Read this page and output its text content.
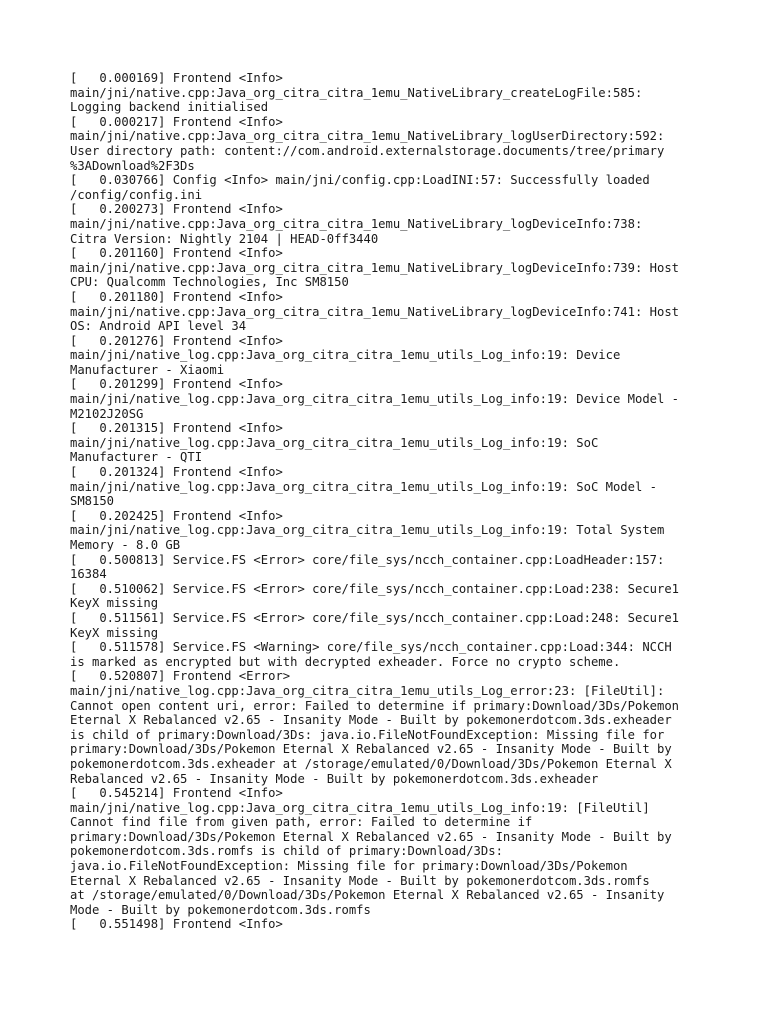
[   0.000169] Frontend <Info>
main/jni/native.cpp:Java_org_citra_citra_1emu_NativeLibrary_createLogFile:585:
Logging backend initialised
[   0.000217] Frontend <Info>
main/jni/native.cpp:Java_org_citra_citra_1emu_NativeLibrary_logUserDirectory:592:
User directory path: content://com.android.externalstorage.documents/tree/primary
%3ADownload%2F3Ds
[   0.030766] Config <Info> main/jni/config.cpp:LoadINI:57: Successfully loaded
/config/config.ini
[   0.200273] Frontend <Info>
main/jni/native.cpp:Java_org_citra_citra_1emu_NativeLibrary_logDeviceInfo:738:
Citra Version: Nightly 2104 | HEAD-0ff3440
[   0.201160] Frontend <Info>
main/jni/native.cpp:Java_org_citra_citra_1emu_NativeLibrary_logDeviceInfo:739: Host
CPU: Qualcomm Technologies, Inc SM8150
[   0.201180] Frontend <Info>
main/jni/native.cpp:Java_org_citra_citra_1emu_NativeLibrary_logDeviceInfo:741: Host
OS: Android API level 34
[   0.201276] Frontend <Info>
main/jni/native_log.cpp:Java_org_citra_citra_1emu_utils_Log_info:19: Device
Manufacturer - Xiaomi
[   0.201299] Frontend <Info>
main/jni/native_log.cpp:Java_org_citra_citra_1emu_utils_Log_info:19: Device Model -
M2102J20SG
[   0.201315] Frontend <Info>
main/jni/native_log.cpp:Java_org_citra_citra_1emu_utils_Log_info:19: SoC
Manufacturer - QTI
[   0.201324] Frontend <Info>
main/jni/native_log.cpp:Java_org_citra_citra_1emu_utils_Log_info:19: SoC Model -
SM8150
[   0.202425] Frontend <Info>
main/jni/native_log.cpp:Java_org_citra_citra_1emu_utils_Log_info:19: Total System
Memory - 8.0 GB
[   0.500813] Service.FS <Error> core/file_sys/ncch_container.cpp:LoadHeader:157:
16384
[   0.510062] Service.FS <Error> core/file_sys/ncch_container.cpp:Load:238: Secure1
KeyX missing
[   0.511561] Service.FS <Error> core/file_sys/ncch_container.cpp:Load:248: Secure1
KeyX missing
[   0.511578] Service.FS <Warning> core/file_sys/ncch_container.cpp:Load:344: NCCH
is marked as encrypted but with decrypted exheader. Force no crypto scheme.
[   0.520807] Frontend <Error>
main/jni/native_log.cpp:Java_org_citra_citra_1emu_utils_Log_error:23: [FileUtil]:
Cannot open content uri, error: Failed to determine if primary:Download/3Ds/Pokemon
Eternal X Rebalanced v2.65 - Insanity Mode - Built by pokemonerdotcom.3ds.exheader
is child of primary:Download/3Ds: java.io.FileNotFoundException: Missing file for
primary:Download/3Ds/Pokemon Eternal X Rebalanced v2.65 - Insanity Mode - Built by
pokemonerdotcom.3ds.exheader at /storage/emulated/0/Download/3Ds/Pokemon Eternal X
Rebalanced v2.65 - Insanity Mode - Built by pokemonerdotcom.3ds.exheader
[   0.545214] Frontend <Info>
main/jni/native_log.cpp:Java_org_citra_citra_1emu_utils_Log_info:19: [FileUtil]
Cannot find file from given path, error: Failed to determine if
primary:Download/3Ds/Pokemon Eternal X Rebalanced v2.65 - Insanity Mode - Built by
pokemonerdotcom.3ds.romfs is child of primary:Download/3Ds:
java.io.FileNotFoundException: Missing file for primary:Download/3Ds/Pokemon
Eternal X Rebalanced v2.65 - Insanity Mode - Built by pokemonerdotcom.3ds.romfs
at /storage/emulated/0/Download/3Ds/Pokemon Eternal X Rebalanced v2.65 - Insanity
Mode - Built by pokemonerdotcom.3ds.romfs
[   0.551498] Frontend <Info>
